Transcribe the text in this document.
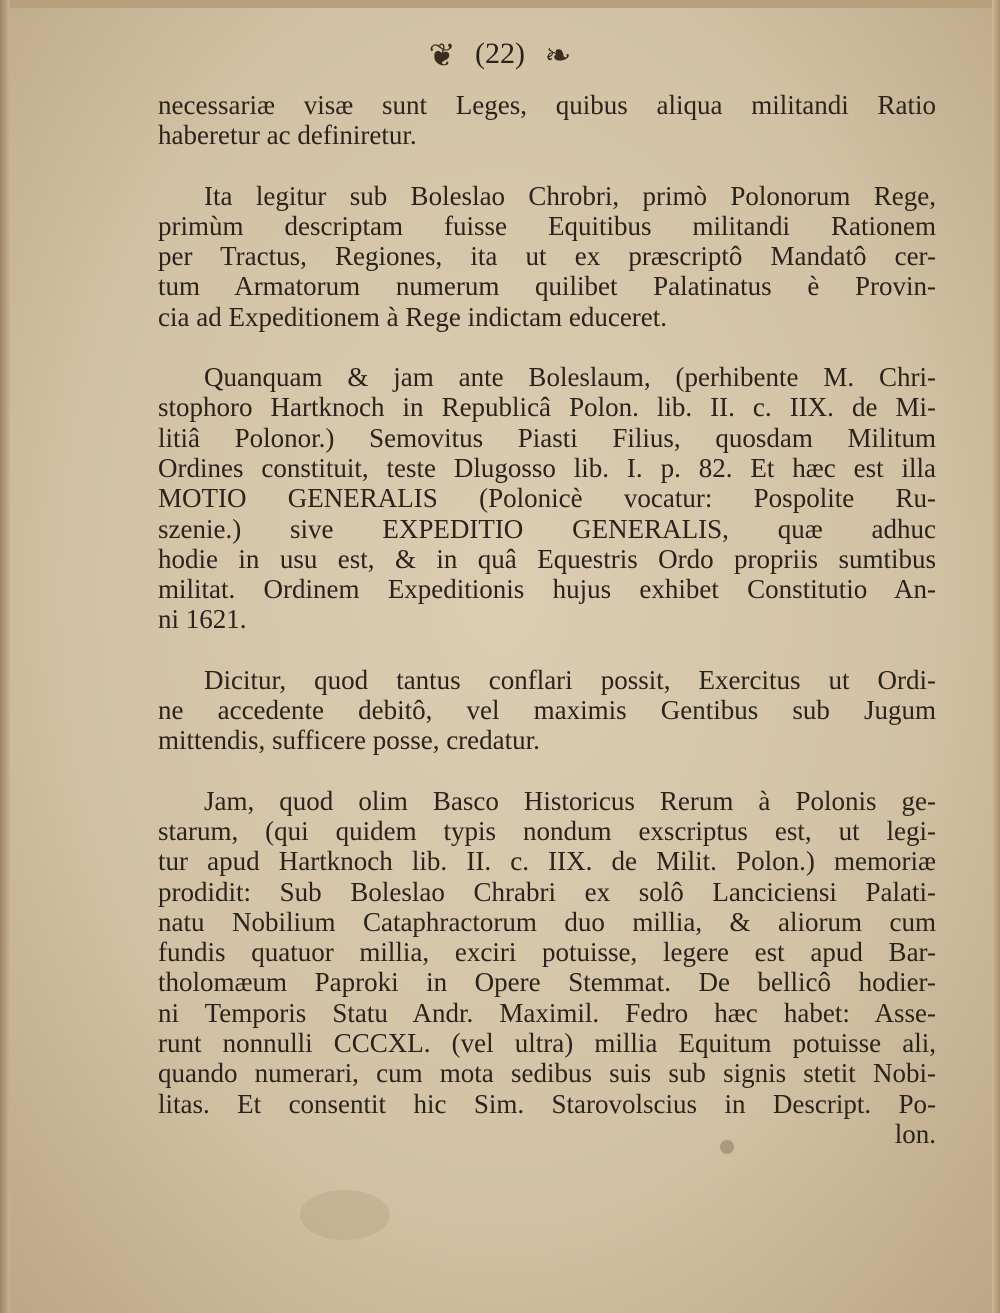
❦ (22) ❧

necessariæ visæ sunt Leges, quibus aliqua militandi Ratio
haberetur ac definiretur.

Ita legitur sub Boleslao Chrobri, primò Polonorum Rege,
primùm descriptam fuisse Equitibus militandi Rationem
per Tractus, Regiones, ita ut ex præscriptô Mandatô cer-
tum Armatorum numerum quilibet Palatinatus è Provin-
cia ad Expeditionem à Rege indictam educeret.

Quanquam & jam ante Boleslaum, (perhibente M. Chri-
stophoro Hartknoch in Republicâ Polon. lib. II. c. IIX. de Mi-
litiâ Polonor.) Semovitus Piasti Filius, quosdam Militum
Ordines constituit, teste Dlugosso lib. I. p. 82. Et hæc est illa
MOTIO GENERALIS (Polonicè vocatur: Pospolite Ru-
szenie.) sive EXPEDITIO GENERALIS, quæ adhuc
hodie in usu est, & in quâ Equestris Ordo propriis sumtibus
militat. Ordinem Expeditionis hujus exhibet Constitutio An-
ni 1621.

Dicitur, quod tantus conflari possit, Exercitus ut Ordi-
ne accedente debitô, vel maximis Gentibus sub Jugum
mittendis, sufficere posse, credatur.

Jam, quod olim Basco Historicus Rerum à Polonis ge-
starum, (qui quidem typis nondum exscriptus est, ut legi-
tur apud Hartknoch lib. II. c. IIX. de Milit. Polon.) memoriæ
prodidit: Sub Boleslao Chrabri ex solô Lanciciensi Palati-
natu Nobilium Cataphractorum duo millia, & aliorum cum
fundis quatuor millia, exciri potuisse, legere est apud Bar-
tholomæum Paproki in Opere Stemmat. De bellicô hodier-
ni Temporis Statu Andr. Maximil. Fedro hæc habet: Asse-
runt nonnulli CCCXL. (vel ultra) millia Equitum potuisse ali,
quando numerari, cum mota sedibus suis sub signis stetit Nobi-
litas. Et consentit hic Sim. Starovolscius in Descript. Po-
lon.
